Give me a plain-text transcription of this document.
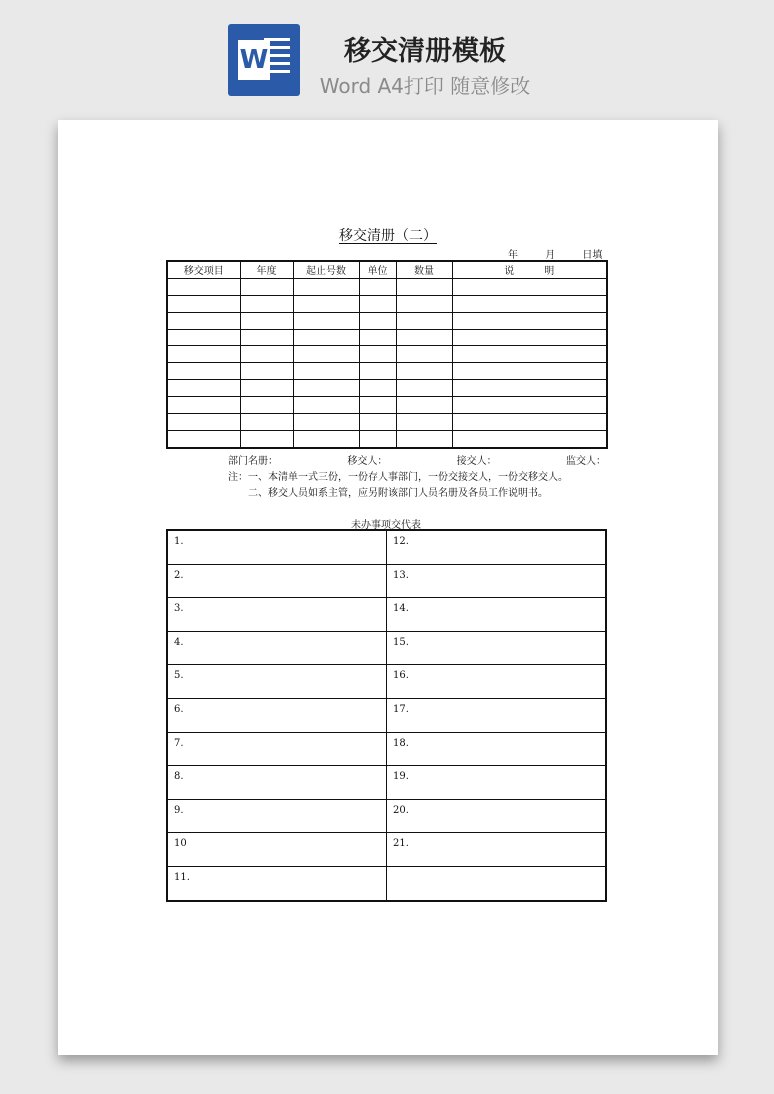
W	移交清册模板
Word A4打印 随意修改
移交清册（二）
年	月	日填
移交项目	年度	起止号数	单位	数量	说　　　明

部门名册：	移交人：	接交人：	监交人：
注：一、本清单一式三份，一份存人事部门，一份交接交人，一份交移交人。
二、移交人员如系主管，应另附该部门人员名册及各员工作说明书。
未办事项交代表
1.	12.
2.	13.
3.	14.
4.	15.
5.	16.
6.	17.
7.	18.
8.	19.
9.	20.
10	21.
11.	
